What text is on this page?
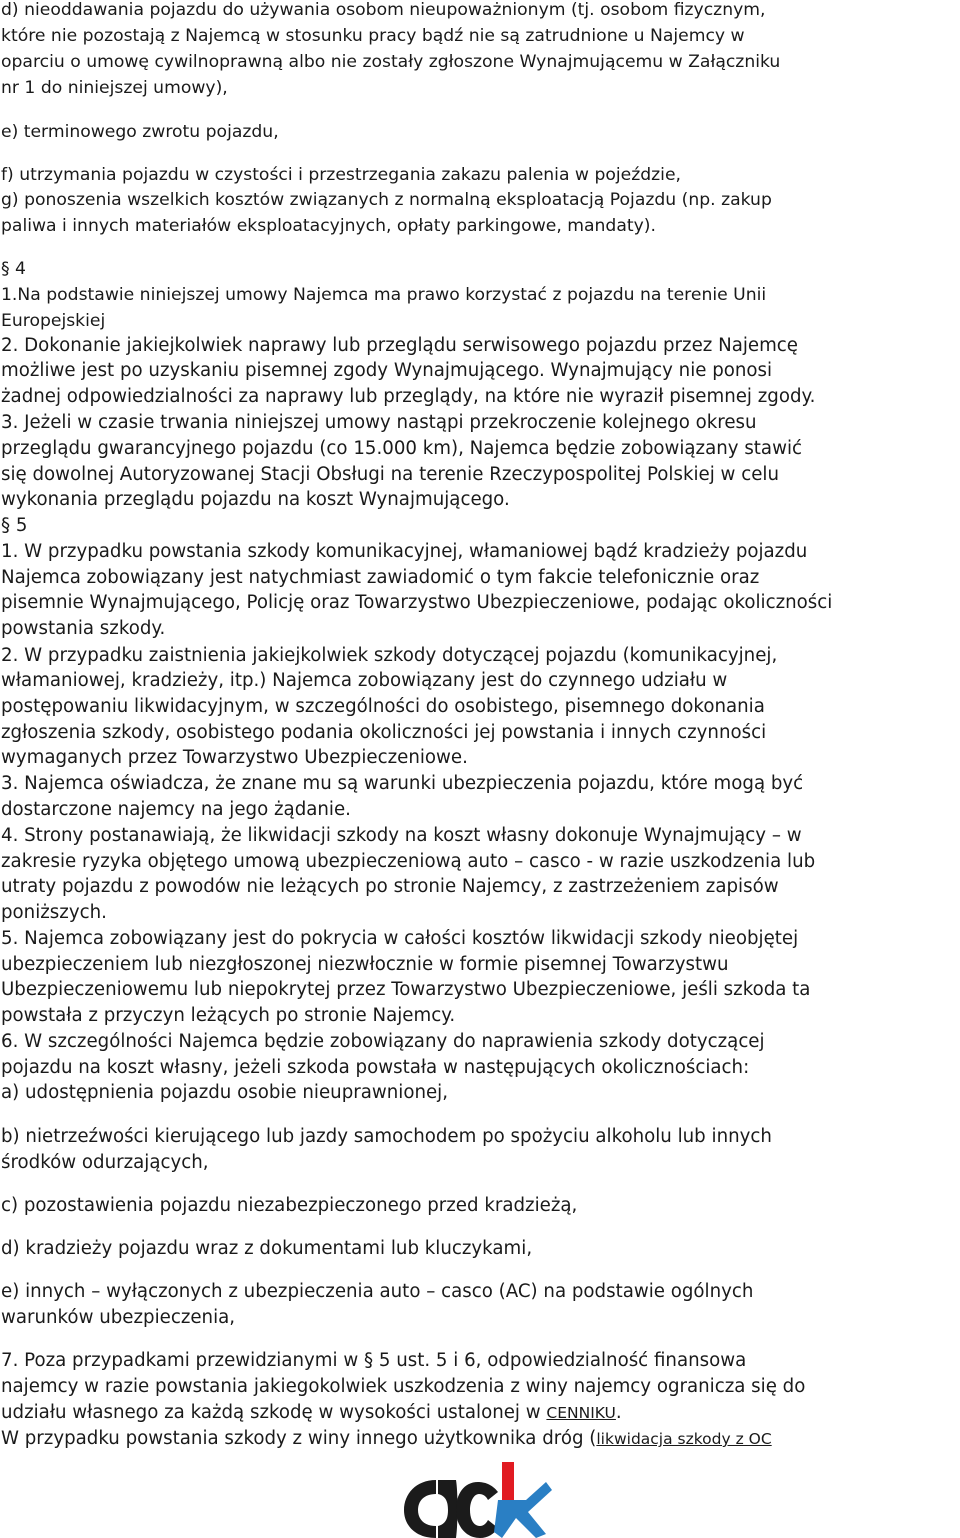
d) nieoddawania pojazdu do używania osobom nieupoważnionym (tj. osobom fizycznym,

które nie pozostają z Najemcą w stosunku pracy bądź nie są zatrudnione u Najemcy w

oparciu o umowę cywilnoprawną albo nie zostały zgłoszone Wynajmującemu w Załączniku

nr 1 do niniejszej umowy),

e) terminowego zwrotu pojazdu,

f) utrzymania pojazdu w czystości i przestrzegania zakazu palenia w pojeździe,

g) ponoszenia wszelkich kosztów związanych z normalną eksploatacją Pojazdu (np. zakup

paliwa i innych materiałów eksploatacyjnych, opłaty parkingowe, mandaty).

§ 4

1.Na podstawie niniejszej umowy Najemca ma prawo korzystać z pojazdu na terenie Unii

Europejskiej

2. Dokonanie jakiejkolwiek naprawy lub przeglądu serwisowego pojazdu przez Najemcę

możliwe jest po uzyskaniu pisemnej zgody Wynajmującego. Wynajmujący nie ponosi

żadnej odpowiedzialności za naprawy lub przeglądy, na które nie wyraził pisemnej zgody.

3. Jeżeli w czasie trwania niniejszej umowy nastąpi przekroczenie kolejnego okresu

przeglądu gwarancyjnego pojazdu (co 15.000 km), Najemca będzie zobowiązany stawić

się dowolnej Autoryzowanej Stacji Obsługi na terenie Rzeczypospolitej Polskiej w celu

wykonania przeglądu pojazdu na koszt Wynajmującego.

§ 5

1. W przypadku powstania szkody komunikacyjnej, włamaniowej bądź kradzieży pojazdu

Najemca zobowiązany jest natychmiast zawiadomić o tym fakcie telefonicznie oraz

pisemnie Wynajmującego, Policję oraz Towarzystwo Ubezpieczeniowe, podając okoliczności

powstania szkody.

2. W przypadku zaistnienia jakiejkolwiek szkody dotyczącej pojazdu (komunikacyjnej,

włamaniowej, kradzieży, itp.) Najemca zobowiązany jest do czynnego udziału w

postępowaniu likwidacyjnym, w szczególności do osobistego, pisemnego dokonania

zgłoszenia szkody, osobistego podania okoliczności jej powstania i innych czynności

wymaganych przez Towarzystwo Ubezpieczeniowe.

3. Najemca oświadcza, że znane mu są warunki ubezpieczenia pojazdu, które mogą być

dostarczone najemcy na jego żądanie.

4. Strony postanawiają, że likwidacji szkody na koszt własny dokonuje Wynajmujący – w

zakresie ryzyka objętego umową ubezpieczeniową auto – casco - w razie uszkodzenia lub

utraty pojazdu z powodów nie leżących po stronie Najemcy, z zastrzeżeniem zapisów

poniższych.

5. Najemca zobowiązany jest do pokrycia w całości kosztów likwidacji szkody nieobjętej

ubezpieczeniem lub niezgłoszonej niezwłocznie w formie pisemnej Towarzystwu

Ubezpieczeniowemu lub niepokrytej przez Towarzystwo Ubezpieczeniowe, jeśli szkoda ta

powstała z przyczyn leżących po stronie Najemcy.

6. W szczególności Najemca będzie zobowiązany do naprawienia szkody dotyczącej

pojazdu na koszt własny, jeżeli szkoda powstała w następujących okolicznościach:

a) udostępnienia pojazdu osobie nieuprawnionej,

b) nietrzeźwości kierującego lub jazdy samochodem po spożyciu alkoholu lub innych

środków odurzających,

c) pozostawienia pojazdu niezabezpieczonego przed kradzieżą,

d) kradzieży pojazdu wraz z dokumentami lub kluczykami,

e) innych – wyłączonych z ubezpieczenia auto – casco (AC) na podstawie ogólnych

warunków ubezpieczenia,

7. Poza przypadkami przewidzianymi w § 5 ust. 5 i 6, odpowiedzialność finansowa

najemcy w razie powstania jakiegokolwiek uszkodzenia z winy najemcy ogranicza się do

udziału własnego za każdą szkodę w wysokości ustalonej w CENNIKU.

W przypadku powstania szkody z winy innego użytkownika dróg (likwidacja szkody z OC
